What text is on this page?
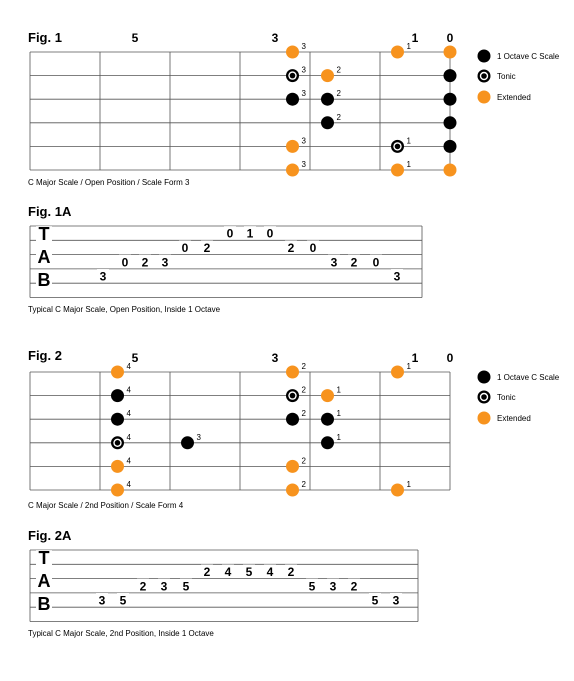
Fig. 1	5	3	1 0
3	1
3	2
3	2
2
3	1
3	1
C Major Scale / Open Position / Scale Form 3
1 Octave C Scale
Tonic
Extended
Fig. 1A
T
A
B
0 1 0
0 2	2 0
0 2 3	3 2 0
3	3
Typical C Major Scale, Open Position, Inside 1 Octave
Fig. 2	5	3	1 0
4	2	1
4	2	1
4	2	1
4	3	1
4	2
4	2	1
C Major Scale / 2nd Position / Scale Form 4
1 Octave C Scale
Tonic
Extended
Fig. 2A
T
A
B
2 4 5 4 2
2 3 5	5 3 2
3 5	5 3
Typical C Major Scale, 2nd Position, Inside 1 Octave
